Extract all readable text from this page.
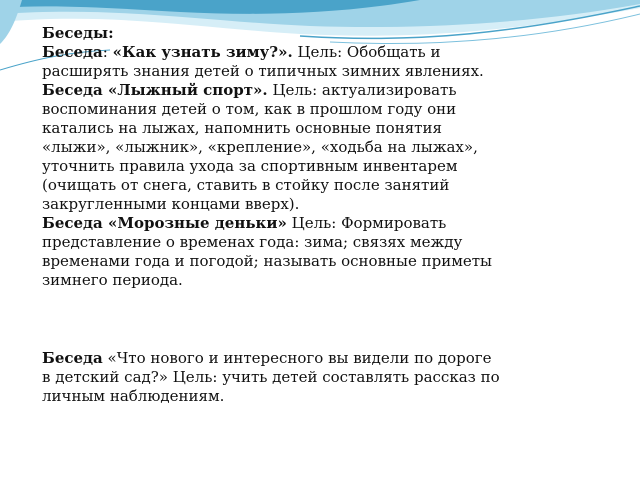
Беседы:
Беседа: «Как узнать зиму?». Цель: Обобщать и расширять знания детей о типичных зимних явлениях.
Беседа «Лыжный спорт». Цель: актуализировать воспоминания детей о том, как в прошлом году они катались на лыжах, напомнить основные понятия «лыжи», «лыжник», «крепление», «ходьба на лыжах», уточнить правила ухода за спортивным инвентарем (очищать от снега, ставить в стойку после занятий закругленными концами вверх).
Беседа «Морозные деньки» Цель: Формировать представление о временах года: зима; связях между временами года и погодой; называть основные приметы зимнего периода.
Беседа «Что нового и интересного вы видели по дороге в детский сад?» Цель: учить детей составлять рассказ по личным наблюдениям.
